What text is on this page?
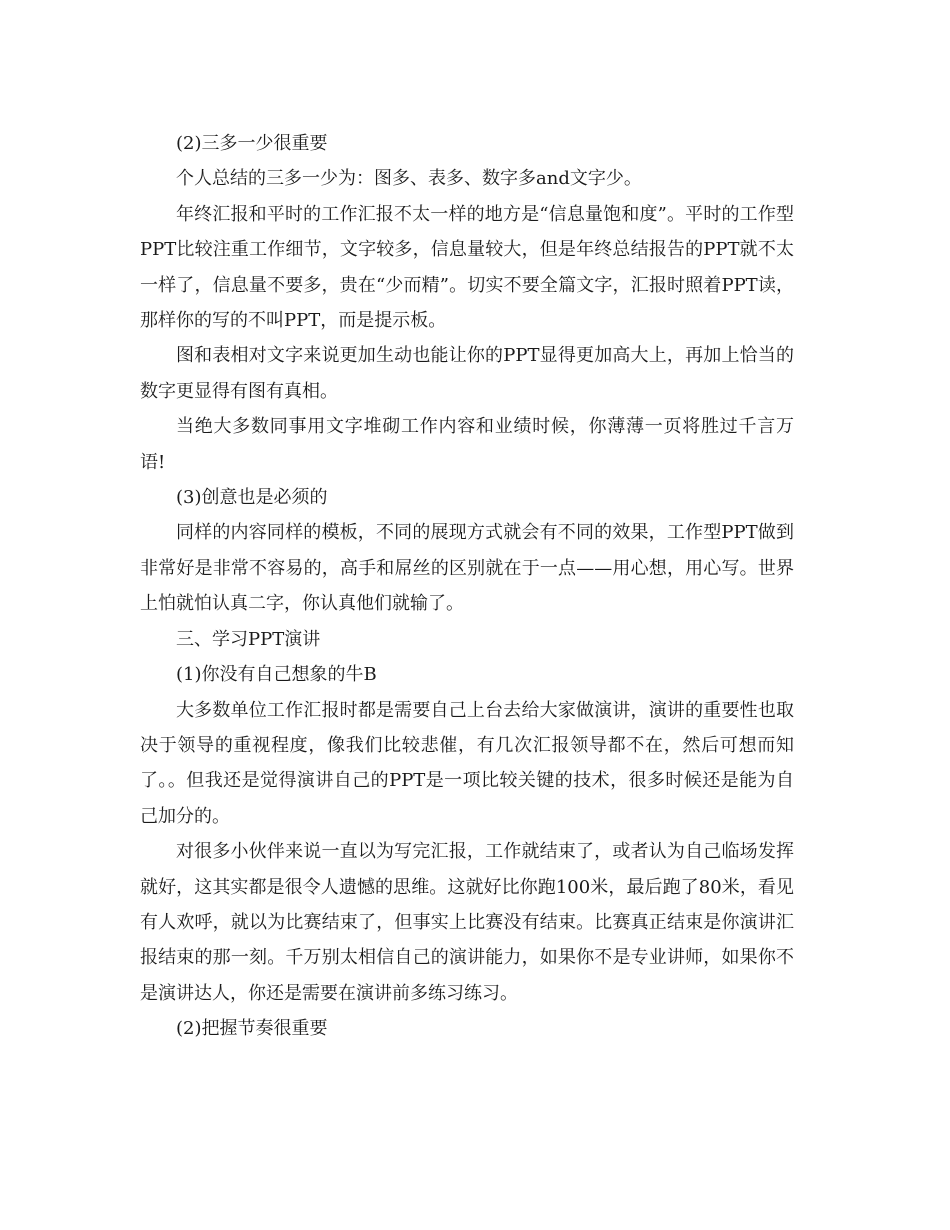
(2)三多一少很重要

个人总结的三多一少为：图多、表多、数字多and文字少。

年终汇报和平时的工作汇报不太一样的地方是“信息量饱和度”。平时的工作型PPT比较注重工作细节，文字较多，信息量较大，但是年终总结报告的PPT就不太一样了，信息量不要多，贵在“少而精”。切实不要全篇文字，汇报时照着PPT读，那样你的写的不叫PPT，而是提示板。

图和表相对文字来说更加生动也能让你的PPT显得更加高大上，再加上恰当的数字更显得有图有真相。

当绝大多数同事用文字堆砌工作内容和业绩时候，你薄薄一页将胜过千言万语!

(3)创意也是必须的

同样的内容同样的模板，不同的展现方式就会有不同的效果，工作型PPT做到非常好是非常不容易的，高手和屌丝的区别就在于一点——用心想，用心写。世界上怕就怕认真二字，你认真他们就输了。

三、学习PPT演讲

(1)你没有自己想象的牛B

大多数单位工作汇报时都是需要自己上台去给大家做演讲，演讲的重要性也取决于领导的重视程度，像我们比较悲催，有几次汇报领导都不在，然后可想而知了。。但我还是觉得演讲自己的PPT是一项比较关键的技术，很多时候还是能为自己加分的。

对很多小伙伴来说一直以为写完汇报，工作就结束了，或者认为自己临场发挥就好，这其实都是很令人遗憾的思维。这就好比你跑100米，最后跑了80米，看见有人欢呼，就以为比赛结束了，但事实上比赛没有结束。比赛真正结束是你演讲汇报结束的那一刻。千万别太相信自己的演讲能力，如果你不是专业讲师，如果你不是演讲达人，你还是需要在演讲前多练习练习。

(2)把握节奏很重要
